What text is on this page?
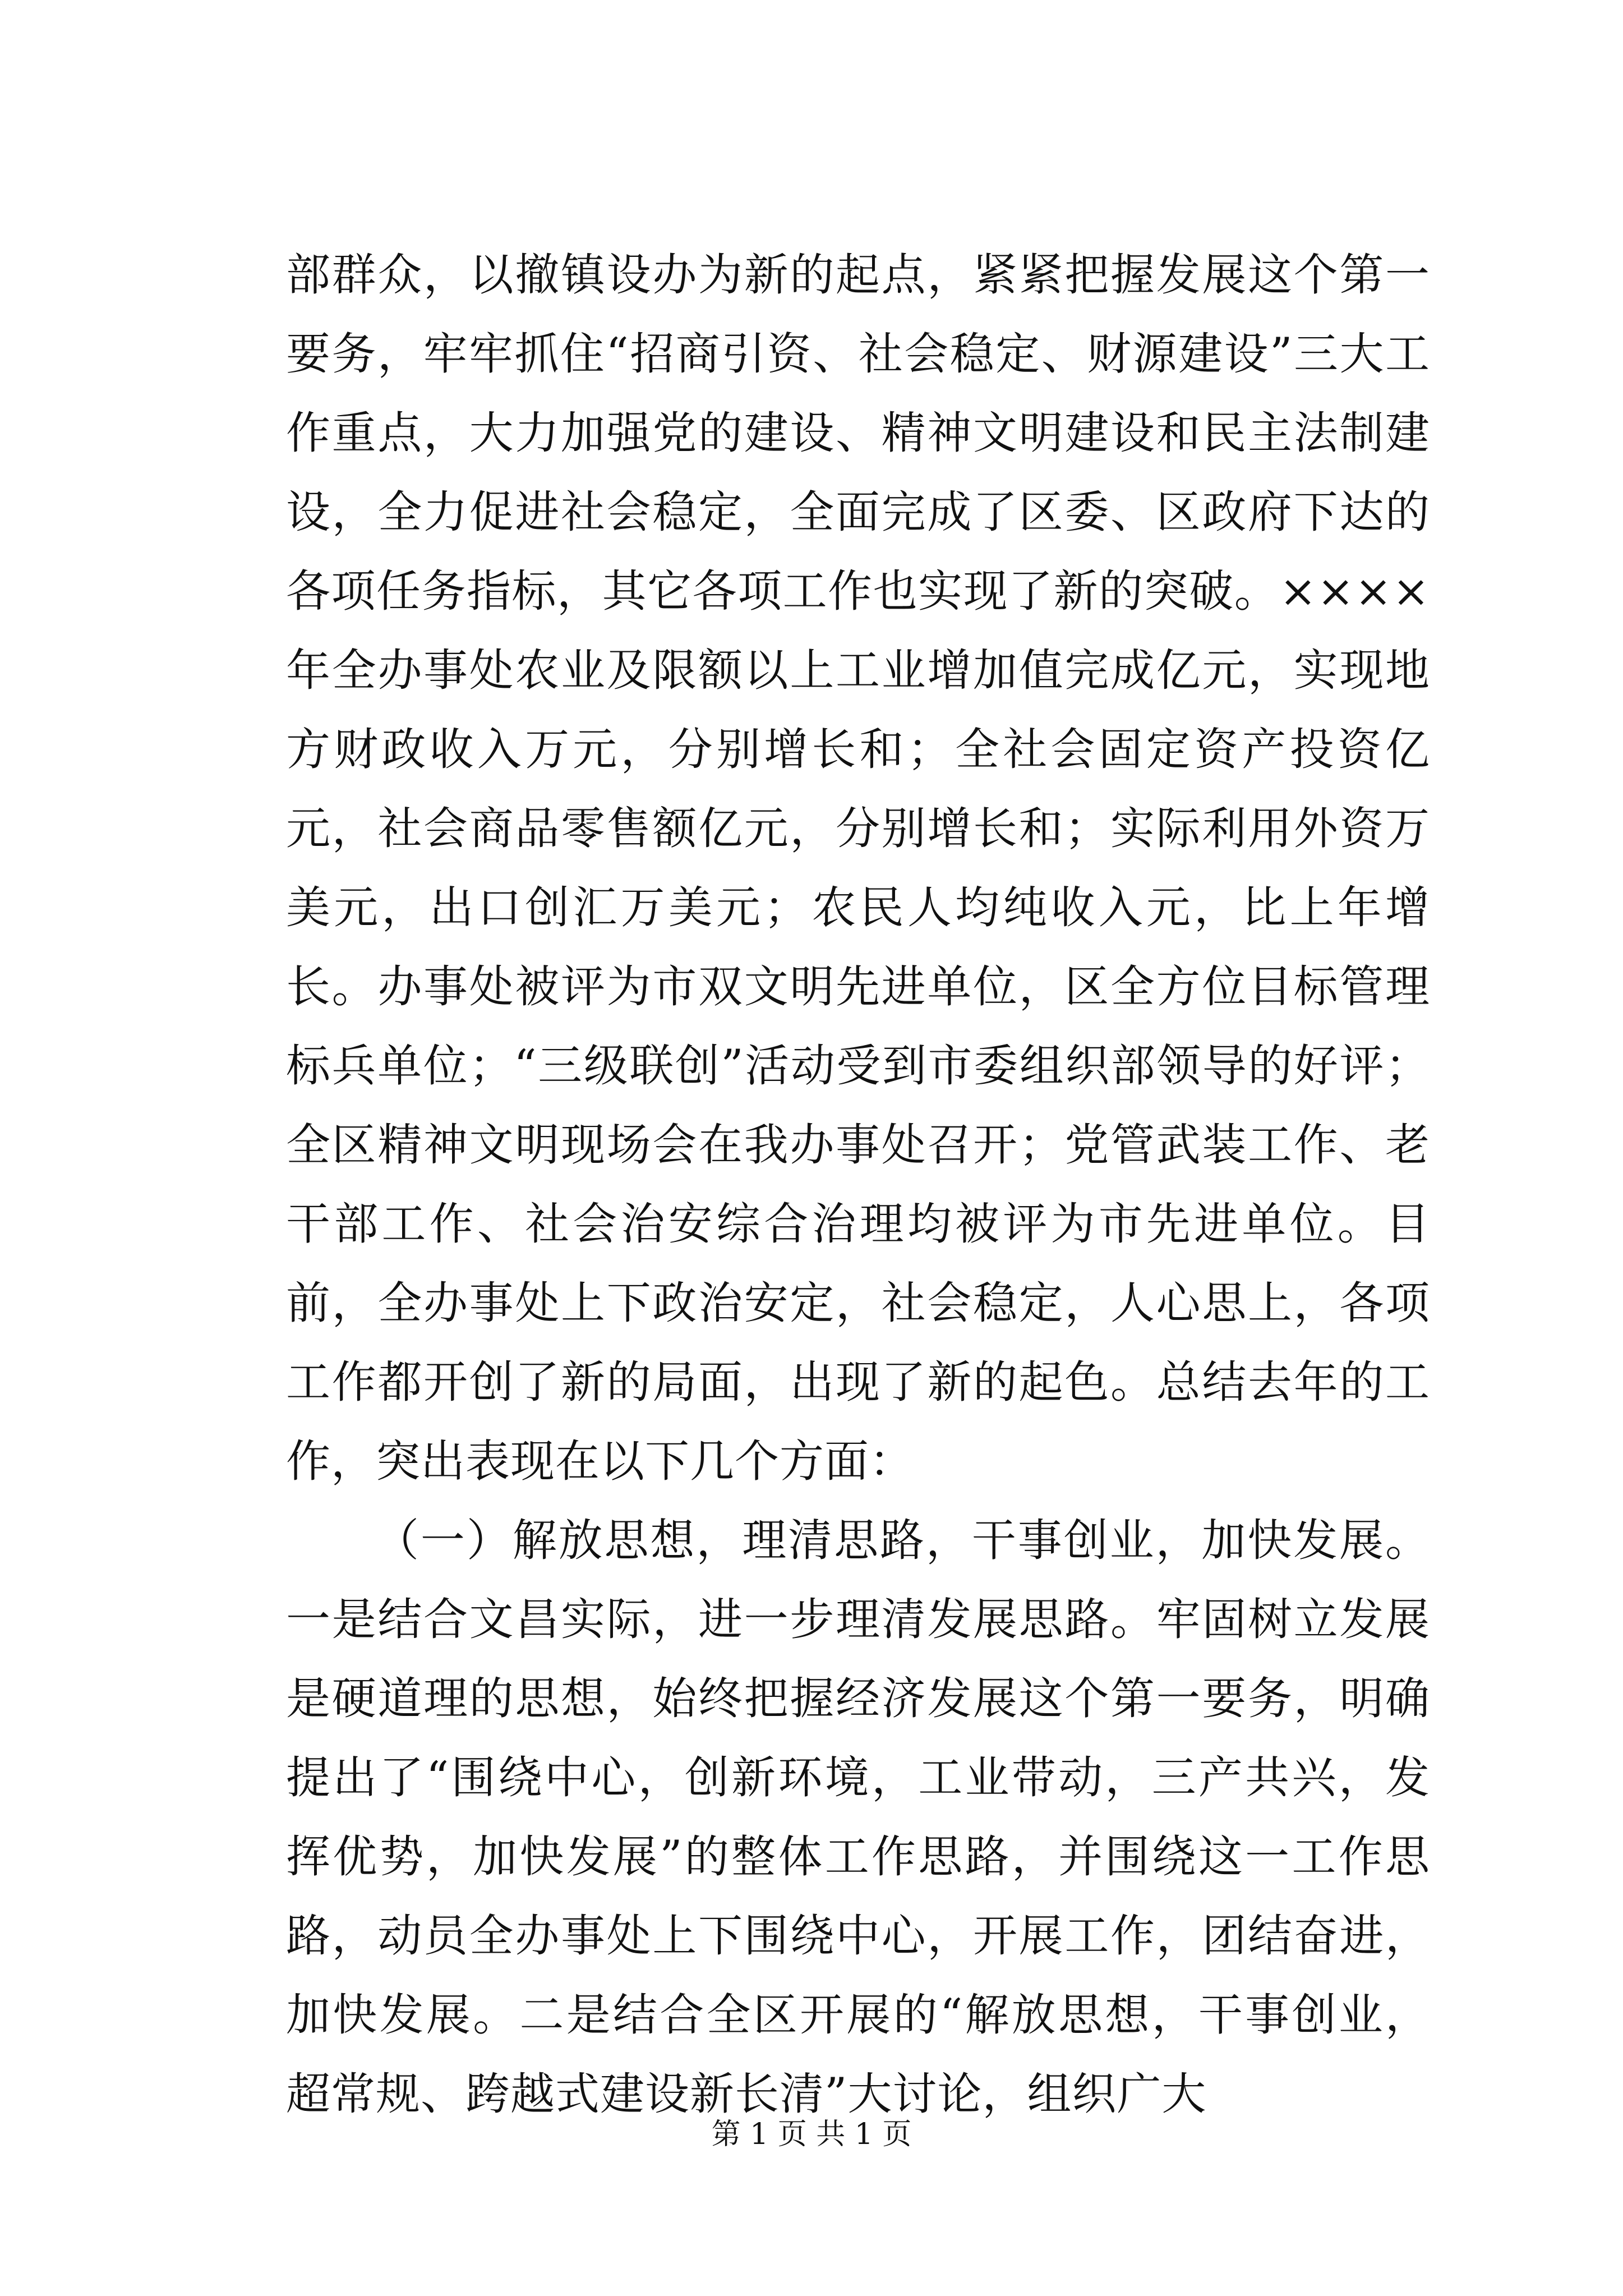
部群众，以撤镇设办为新的起点，紧紧把握发展这个第一要务，牢牢抓住“招商引资、社会稳定、财源建设”三大工作重点，大力加强党的建设、精神文明建设和民主法制建设，全力促进社会稳定，全面完成了区委、区政府下达的各项任务指标，其它各项工作也实现了新的突破。××××年全办事处农业及限额以上工业增加值完成亿元，实现地方财政收入万元，分别增长和；全社会固定资产投资亿元，社会商品零售额亿元，分别增长和；实际利用外资万美元，出口创汇万美元；农民人均纯收入元，比上年增长。办事处被评为市双文明先进单位，区全方位目标管理标兵单位；“三级联创”活动受到市委组织部领导的好评；全区精神文明现场会在我办事处召开；党管武装工作、老干部工作、社会治安综合治理均被评为市先进单位。目前，全办事处上下政治安定，社会稳定，人心思上，各项工作都开创了新的局面，出现了新的起色。总结去年的工作，突出表现在以下几个方面：

（一）解放思想，理清思路，干事创业，加快发展。一是结合文昌实际，进一步理清发展思路。牢固树立发展是硬道理的思想，始终把握经济发展这个第一要务，明确提出了“围绕中心，创新环境，工业带动，三产共兴，发挥优势，加快发展”的整体工作思路，并围绕这一工作思路，动员全办事处上下围绕中心，开展工作，团结奋进，加快发展。二是结合全区开展的“解放思想，干事创业，超常规、跨越式建设新长清”大讨论，组织广大

第 1 页 共 1 页
